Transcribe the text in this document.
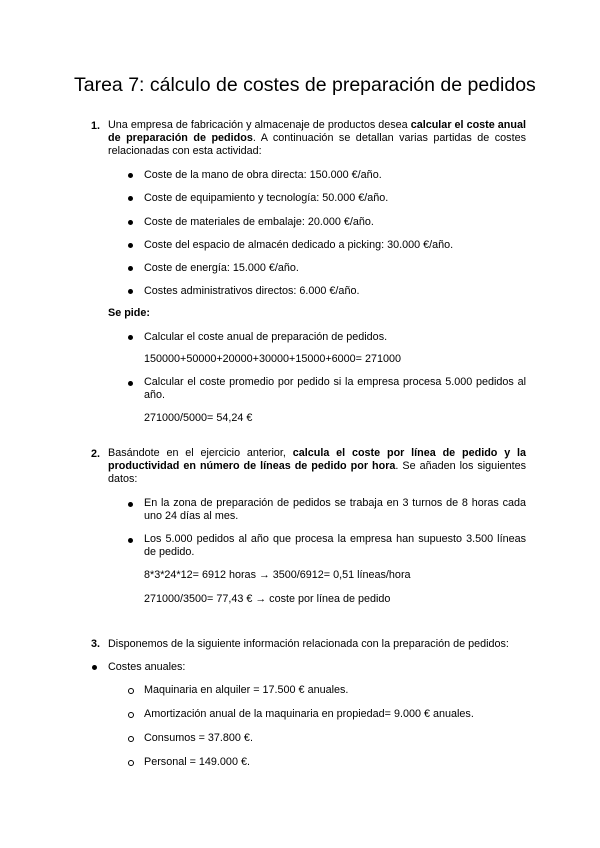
Tarea 7: cálculo de costes de preparación de pedidos
1. Una empresa de fabricación y almacenaje de productos desea calcular el coste anual de preparación de pedidos. A continuación se detallan varias partidas de costes relacionadas con esta actividad:
Coste de la mano de obra directa: 150.000 €/año.
Coste de equipamiento y tecnología: 50.000 €/año.
Coste de materiales de embalaje: 20.000 €/año.
Coste del espacio de almacén dedicado a picking: 30.000 €/año.
Coste de energía: 15.000 €/año.
Costes administrativos directos: 6.000 €/año.
Se pide:
Calcular el coste anual de preparación de pedidos.
150000+50000+20000+30000+15000+6000= 271000
Calcular el coste promedio por pedido si la empresa procesa 5.000 pedidos al año.
271000/5000= 54,24 €
2. Basándote en el ejercicio anterior, calcula el coste por línea de pedido y la productividad en número de líneas de pedido por hora. Se añaden los siguientes datos:
En la zona de preparación de pedidos se trabaja en 3 turnos de 8 horas cada uno 24 días al mes.
Los 5.000 pedidos al año que procesa la empresa han supuesto 3.500 líneas de pedido.
8*3*24*12= 6912 horas → 3500/6912= 0,51 líneas/hora
271000/3500= 77,43 € → coste por línea de pedido
3. Disponemos de la siguiente información relacionada con la preparación de pedidos:
Costes anuales:
Maquinaria en alquiler = 17.500 € anuales.
Amortización anual de la maquinaria en propiedad= 9.000 € anuales.
Consumos = 37.800 €.
Personal = 149.000 €.
